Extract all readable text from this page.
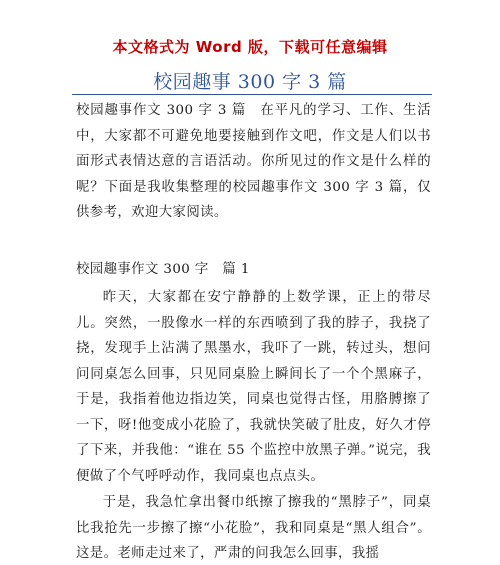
本文格式为 Word 版，下载可任意编辑
校园趣事 300 字 3 篇
校园趣事作文 300 字 3 篇　在平凡的学习、工作、生活中，大家都不可避免地要接触到作文吧，作文是人们以书面形式表情达意的言语活动。你所见过的作文是什么样的呢？下面是我收集整理的校园趣事作文 300 字 3 篇，仅供参考，欢迎大家阅读。
校园趣事作文 300 字　篇 1
昨天，大家都在安宁静静的上数学课，正上的带尽儿。突然，一股像水一样的东西喷到了我的脖子，我挠了挠，发现手上沾满了黑墨水，我吓了一跳，转过头，想问问同桌怎么回事，只见同桌脸上瞬间长了一个个黑麻子，于是，我指着他边指边笑，同桌也觉得古怪，用胳膊擦了一下，呀!他变成小花脸了，我就快笑破了肚皮，好久才停了下来，并我他：“谁在 55 个监控中放黑子弹。”说完，我便做了个气呼呼动作，我同桌也点点头。
于是，我急忙拿出餐巾纸擦了擦我的“黑脖子”，同桌比我抢先一步擦了擦“小花脸”，我和同桌是“黑人组合”。这是。老师走过来了，严肃的问我怎么回事，我摇
